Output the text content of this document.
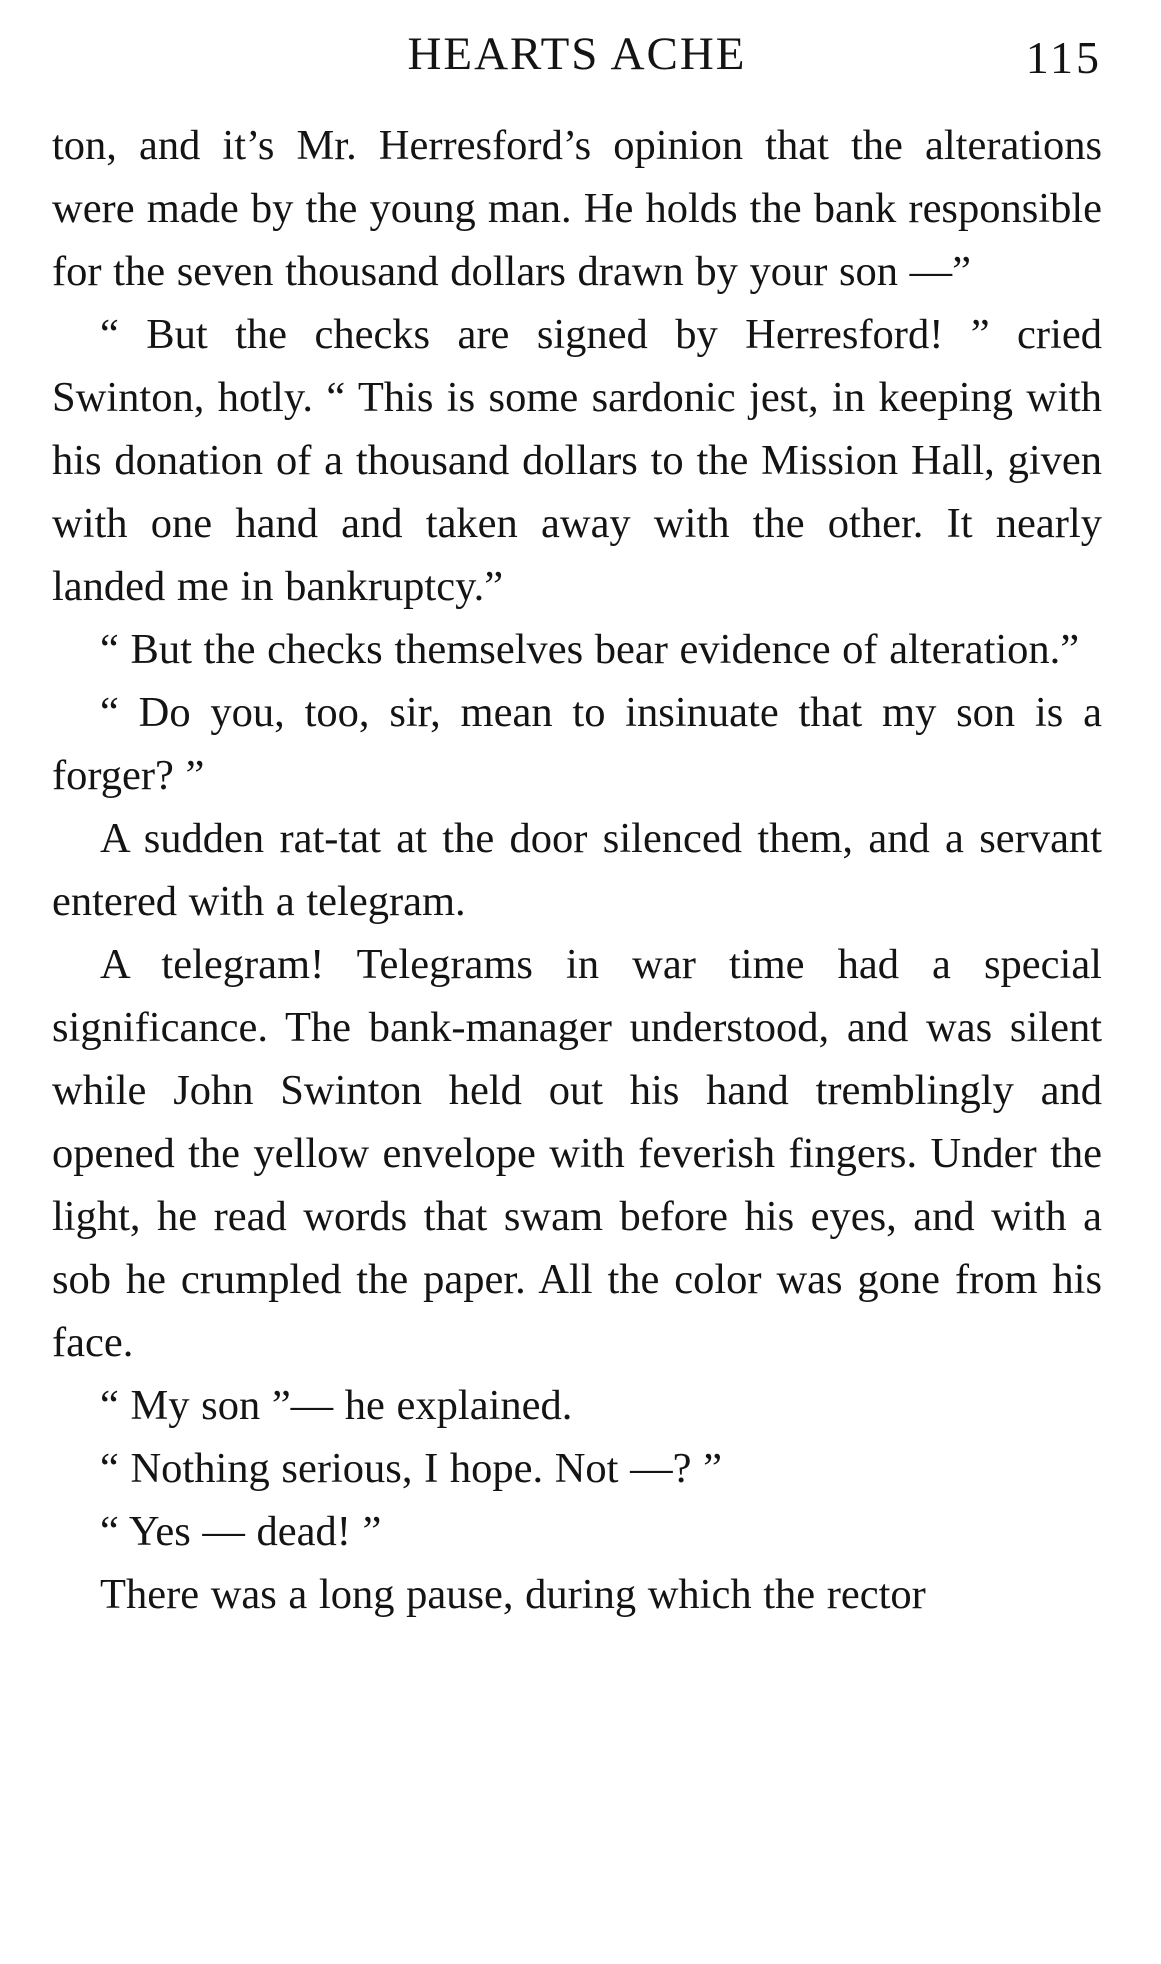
HEARTS ACHE	115

ton, and it’s Mr. Herresford’s opinion that the alterations were made by the young man. He holds the bank responsible for the seven thousand dollars drawn by your son —”

“ But the checks are signed by Herresford! ” cried Swinton, hotly. “ This is some sardonic jest, in keeping with his donation of a thousand dollars to the Mission Hall, given with one hand and taken away with the other. It nearly landed me in bankruptcy.”

“ But the checks themselves bear evidence of alteration.”

“ Do you, too, sir, mean to insinuate that my son is a forger? ”

A sudden rat-tat at the door silenced them, and a servant entered with a telegram.

A telegram! Telegrams in war time had a special significance. The bank-manager understood, and was silent while John Swinton held out his hand tremblingly and opened the yellow envelope with feverish fingers. Under the light, he read words that swam before his eyes, and with a sob he crumpled the paper. All the color was gone from his face.

“ My son ”— he explained.

“ Nothing serious, I hope. Not —? ”

“ Yes — dead! ”

There was a long pause, during which the rector
